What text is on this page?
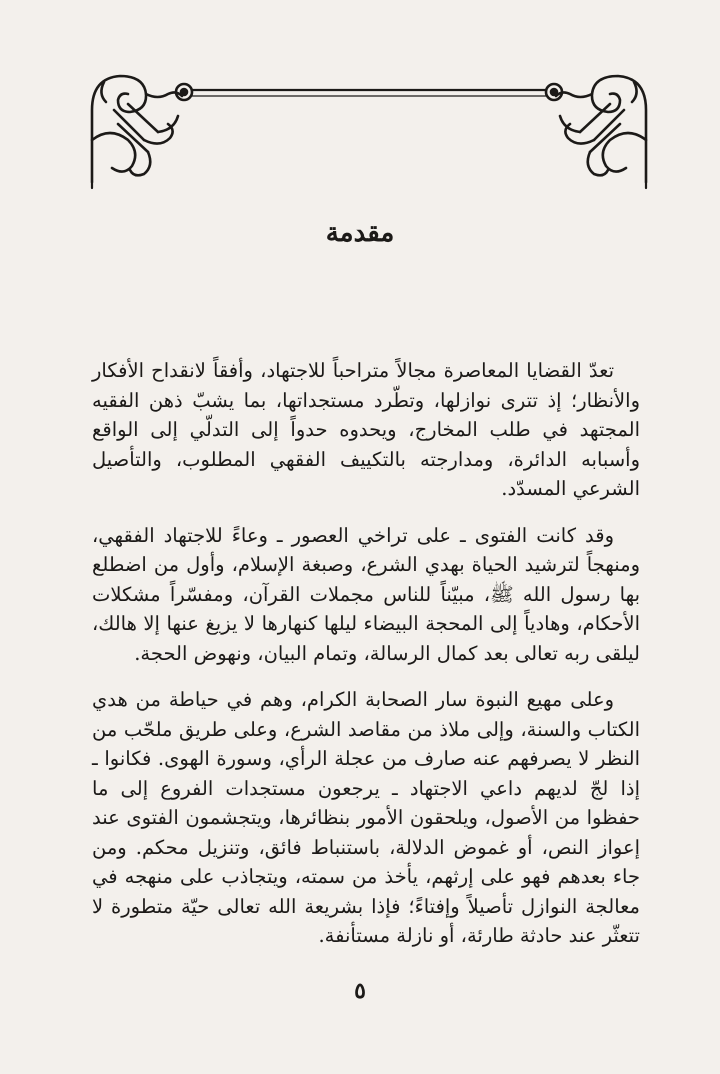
مقدمة

تعدّ القضايا المعاصرة مجالاً متراحباً للاجتهاد، وأفقاً لانقداح الأفكار والأنظار؛ إذ تترى نوازلها، وتطّرد مستجداتها، بما يشبّ ذهن الفقيه المجتهد في طلب المخارج، ويحدوه حدواً إلى التدلّي إلى الواقع وأسبابه الدائرة، ومدارجته بالتكييف الفقهي المطلوب، والتأصيل الشرعي المسدّد.

وقد كانت الفتوى ـ على تراخي العصور ـ وعاءً للاجتهاد الفقهي، ومنهجاً لترشيد الحياة بهدي الشرع، وصبغة الإسلام، وأول من اضطلع بها رسول الله ﷺ، مبيّناً للناس مجملات القرآن، ومفسّراً مشكلات الأحكام، وهادياً إلى المحجة البيضاء ليلها كنهارها لا يزيغ عنها إلا هالك، ليلقى ربه تعالى بعد كمال الرسالة، وتمام البيان، ونهوض الحجة.

وعلى مهيع النبوة سار الصحابة الكرام، وهم في حياطة من هدي الكتاب والسنة، وإلى ملاذ من مقاصد الشرع، وعلى طريق ملحّب من النظر لا يصرفهم عنه صارف من عجلة الرأي، وسورة الهوى. فكانوا ـ إذا لجّ لديهم داعي الاجتهاد ـ يرجعون مستجدات الفروع إلى ما حفظوا من الأصول، ويلحقون الأمور بنظائرها، ويتجشمون الفتوى عند إعواز النص، أو غموض الدلالة، باستنباط فائق، وتنزيل محكم. ومن جاء بعدهم فهو على إرثهم، يأخذ من سمته، ويتجاذب على منهجه في معالجة النوازل تأصيلاً وإفتاءً؛ فإذا بشريعة الله تعالى حيّة متطورة لا تتعثّر عند حادثة طارئة، أو نازلة مستأنفة.

٥
